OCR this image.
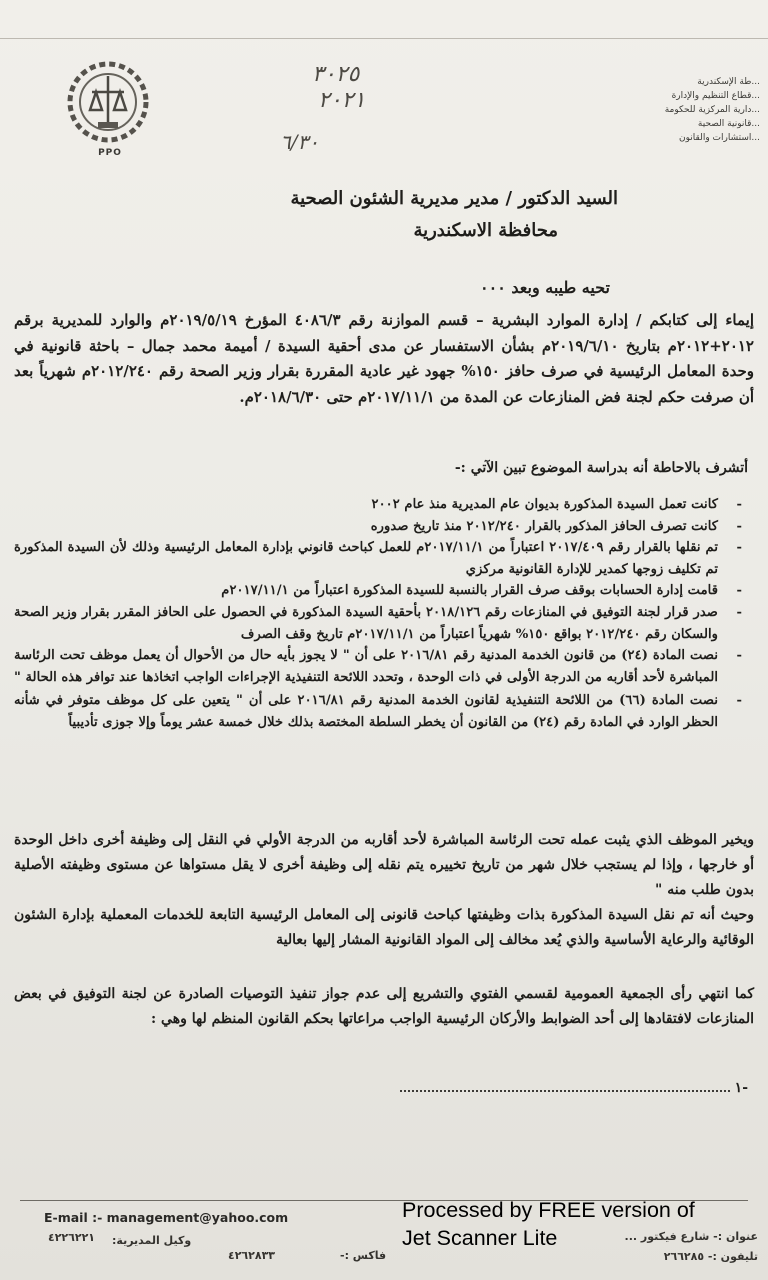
PPO
...طة الإسكندرية
...قطاع التنظيم والإدارة
...دارية المركزية للحكومة
...قانونية الصحية
...استشارات والقانون
٣٠٢٥
٢٠٢١
٦/٣٠
السيد الدكتور / مدير مديرية الشئون الصحية
محافظة الاسكندرية
تحيه طيبه وبعد ٠٠٠
إيماء إلى كتابكم / إدارة الموارد البشرية – قسم الموازنة رقم ٤٠٨٦/٣ المؤرخ ٢٠١٩/٥/١٩م والوارد للمديرية برقم ٢٠١٢+٢٠١٢م بتاريخ ٢٠١٩/٦/١٠م بشأن الاستفسار عن مدى أحقية السيدة / أميمة محمد جمال – باحثة قانونية في وحدة المعامل الرئيسية في صرف حافز ١٥٠% جهود غير عادية المقررة بقرار وزير الصحة رقم ٢٠١٢/٢٤٠م شهرياً بعد أن صرفت حكم لجنة فض المنازعات عن المدة من ٢٠١٧/١١/١م حتى ٢٠١٨/٦/٣٠م.
أتشرف بالاحاطة أنه بدراسة الموضوع تبين الآتي :-

-
كانت تعمل السيدة المذكورة بديوان عام المديرية منذ عام ٢٠٠٢

-
كانت تصرف الحافز المذكور بالقرار ٢٠١٢/٢٤٠ منذ تاريخ صدوره

-
تم نقلها بالقرار رقم ٢٠١٧/٤٠٩ اعتباراً من ٢٠١٧/١١/١م للعمل كباحث قانوني بإدارة المعامل الرئيسية وذلك لأن السيدة المذكورة تم تكليف زوجها كمدير للإدارة القانونية مركزي

-
قامت إدارة الحسابات بوقف صرف القرار بالنسبة للسيدة المذكورة اعتباراً من ٢٠١٧/١١/١م

-
صدر قرار لجنة التوفيق في المنازعات رقم ٢٠١٨/١٢٦ بأحقية السيدة المذكورة في الحصول على الحافز المقرر بقرار وزير الصحة والسكان رقم ٢٠١٢/٢٤٠ بواقع ١٥٠% شهرياً اعتباراً من ٢٠١٧/١١/١م تاريخ وقف الصرف

-
نصت المادة (٢٤) من قانون الخدمة المدنية رقم ٢٠١٦/٨١ على أن " لا يجوز بأيه حال من الأحوال أن يعمل موظف تحت الرئاسة المباشرة لأحد أقاربه من الدرجة الأولى في ذات الوحدة ، وتحدد اللائحة التنفيذية الإجراءات الواجب اتخاذها عند توافر هذه الحالة "

-
نصت المادة (٦٦) من اللائحة التنفيذية لقانون الخدمة المدنية رقم ٢٠١٦/٨١ على أن " يتعين على كل موظف متوفر في شأنه الحظر الوارد في المادة رقم (٢٤) من القانون أن يخطر السلطة المختصة بذلك خلال خمسة عشر يوماً وإلا جوزى تأديبياً

ويخير الموظف الذي يثبت عمله تحت الرئاسة المباشرة لأحد أقاربه من الدرجة الأولي في النقل إلى وظيفة أخرى داخل الوحدة أو خارجها ، وإذا لم يستجب خلال شهر من تاريخ تخييره يتم نقله إلى وظيفة أخرى لا يقل مستواها عن مستوى وظيفته الأصلية بدون طلب منه "
وحيث أنه تم نقل السيدة المذكورة بذات وظيفتها كباحث قانونى إلى المعامل الرئيسية التابعة للخدمات المعملية بإدارة الشئون الوقائية والرعاية الأساسية والذي يُعد مخالف إلى المواد القانونية المشار إليها بعالية
كما انتهي رأى الجمعية العمومية لقسمي الفتوي والتشريع إلى عدم جواز تنفيذ التوصيات الصادرة عن لجنة التوفيق في بعض المنازعات لافتقادها إلى أحد الضوابط والأركان الرئيسية الواجب مراعاتها بحكم القانون المنظم لها وهي :
-١
E-mail :- management@yahoo.com
٤٢٢٦٢٢١ وكيل المديرية:
٤٢٦٢٨٣٣	فاكس :-
عنوان :- شارع فيكتور ...
تليفون :- ٢٦٦٢٨٥
Processed by FREE version of
Jet Scanner Lite
